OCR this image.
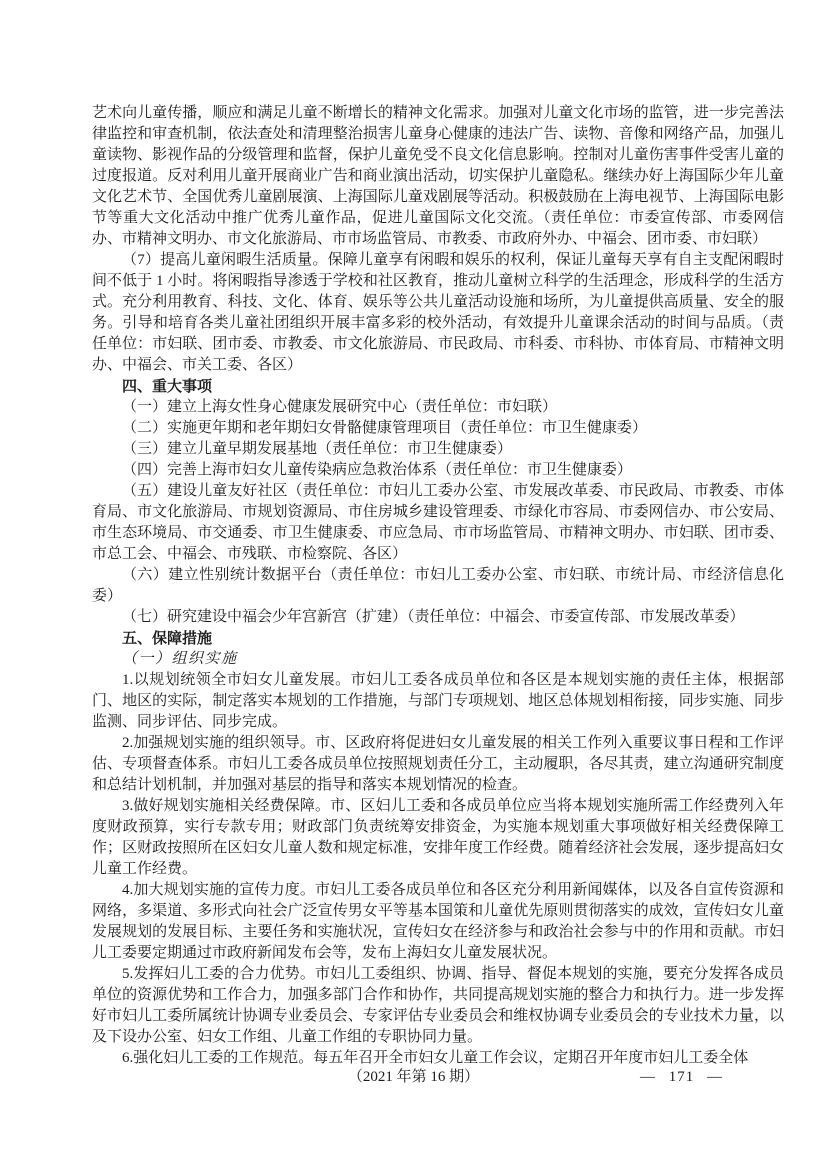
艺术向儿童传播，顺应和满足儿童不断增长的精神文化需求。加强对儿童文化市场的监管，进一步完善法律监控和审查机制，依法查处和清理整治损害儿童身心健康的违法广告、读物、音像和网络产品，加强儿童读物、影视作品的分级管理和监督，保护儿童免受不良文化信息影响。控制对儿童伤害事件受害儿童的过度报道。反对利用儿童开展商业广告和商业演出活动，切实保护儿童隐私。继续办好上海国际少年儿童文化艺术节、全国优秀儿童剧展演、上海国际儿童戏剧展等活动。积极鼓励在上海电视节、上海国际电影节等重大文化活动中推广优秀儿童作品，促进儿童国际文化交流。（责任单位：市委宣传部、市委网信办、市精神文明办、市文化旅游局、市市场监管局、市教委、市政府外办、中福会、团市委、市妇联）

（7）提高儿童闲暇生活质量。保障儿童享有闲暇和娱乐的权利，保证儿童每天享有自主支配闲暇时间不低于 1 小时。将闲暇指导渗透于学校和社区教育，推动儿童树立科学的生活理念，形成科学的生活方式。充分利用教育、科技、文化、体育、娱乐等公共儿童活动设施和场所，为儿童提供高质量、安全的服务。引导和培育各类儿童社团组织开展丰富多彩的校外活动，有效提升儿童课余活动的时间与品质。（责任单位：市妇联、团市委、市教委、市文化旅游局、市民政局、市科委、市科协、市体育局、市精神文明办、中福会、市关工委、各区）

四、重大事项

（一）建立上海女性身心健康发展研究中心（责任单位：市妇联）

（二）实施更年期和老年期妇女骨骼健康管理项目（责任单位：市卫生健康委）

（三）建立儿童早期发展基地（责任单位：市卫生健康委）

（四）完善上海市妇女儿童传染病应急救治体系（责任单位：市卫生健康委）

（五）建设儿童友好社区（责任单位：市妇儿工委办公室、市发展改革委、市民政局、市教委、市体育局、市文化旅游局、市规划资源局、市住房城乡建设管理委、市绿化市容局、市委网信办、市公安局、市生态环境局、市交通委、市卫生健康委、市应急局、市市场监管局、市精神文明办、市妇联、团市委、市总工会、中福会、市残联、市检察院、各区）

（六）建立性别统计数据平台（责任单位：市妇儿工委办公室、市妇联、市统计局、市经济信息化委）

（七）研究建设中福会少年宫新宫（扩建）（责任单位：中福会、市委宣传部、市发展改革委）

五、保障措施

（一）组织实施

1.以规划统领全市妇女儿童发展。市妇儿工委各成员单位和各区是本规划实施的责任主体，根据部门、地区的实际，制定落实本规划的工作措施，与部门专项规划、地区总体规划相衔接，同步实施、同步监测、同步评估、同步完成。

2.加强规划实施的组织领导。市、区政府将促进妇女儿童发展的相关工作列入重要议事日程和工作评估、专项督查体系。市妇儿工委各成员单位按照规划责任分工，主动履职，各尽其责，建立沟通研究制度和总结计划机制，并加强对基层的指导和落实本规划情况的检查。

3.做好规划实施相关经费保障。市、区妇儿工委和各成员单位应当将本规划实施所需工作经费列入年度财政预算，实行专款专用；财政部门负责统筹安排资金，为实施本规划重大事项做好相关经费保障工作；区财政按照所在区妇女儿童人数和规定标准，安排年度工作经费。随着经济社会发展，逐步提高妇女儿童工作经费。

4.加大规划实施的宣传力度。市妇儿工委各成员单位和各区充分利用新闻媒体，以及各自宣传资源和网络，多渠道、多形式向社会广泛宣传男女平等基本国策和儿童优先原则贯彻落实的成效，宣传妇女儿童发展规划的发展目标、主要任务和实施状况，宣传妇女在经济参与和政治社会参与中的作用和贡献。市妇儿工委要定期通过市政府新闻发布会等，发布上海妇女儿童发展状况。

5.发挥妇儿工委的合力优势。市妇儿工委组织、协调、指导、督促本规划的实施，要充分发挥各成员单位的资源优势和工作合力，加强多部门合作和协作，共同提高规划实施的整合力和执行力。进一步发挥好市妇儿工委所属统计协调专业委员会、专家评估专业委员会和维权协调专业委员会的专业技术力量，以及下设办公室、妇女工作组、儿童工作组的专职协同力量。

6.强化妇儿工委的工作规范。每五年召开全市妇女儿童工作会议，定期召开年度市妇儿工委全体

（2021 年第 16 期）	— 171 —
